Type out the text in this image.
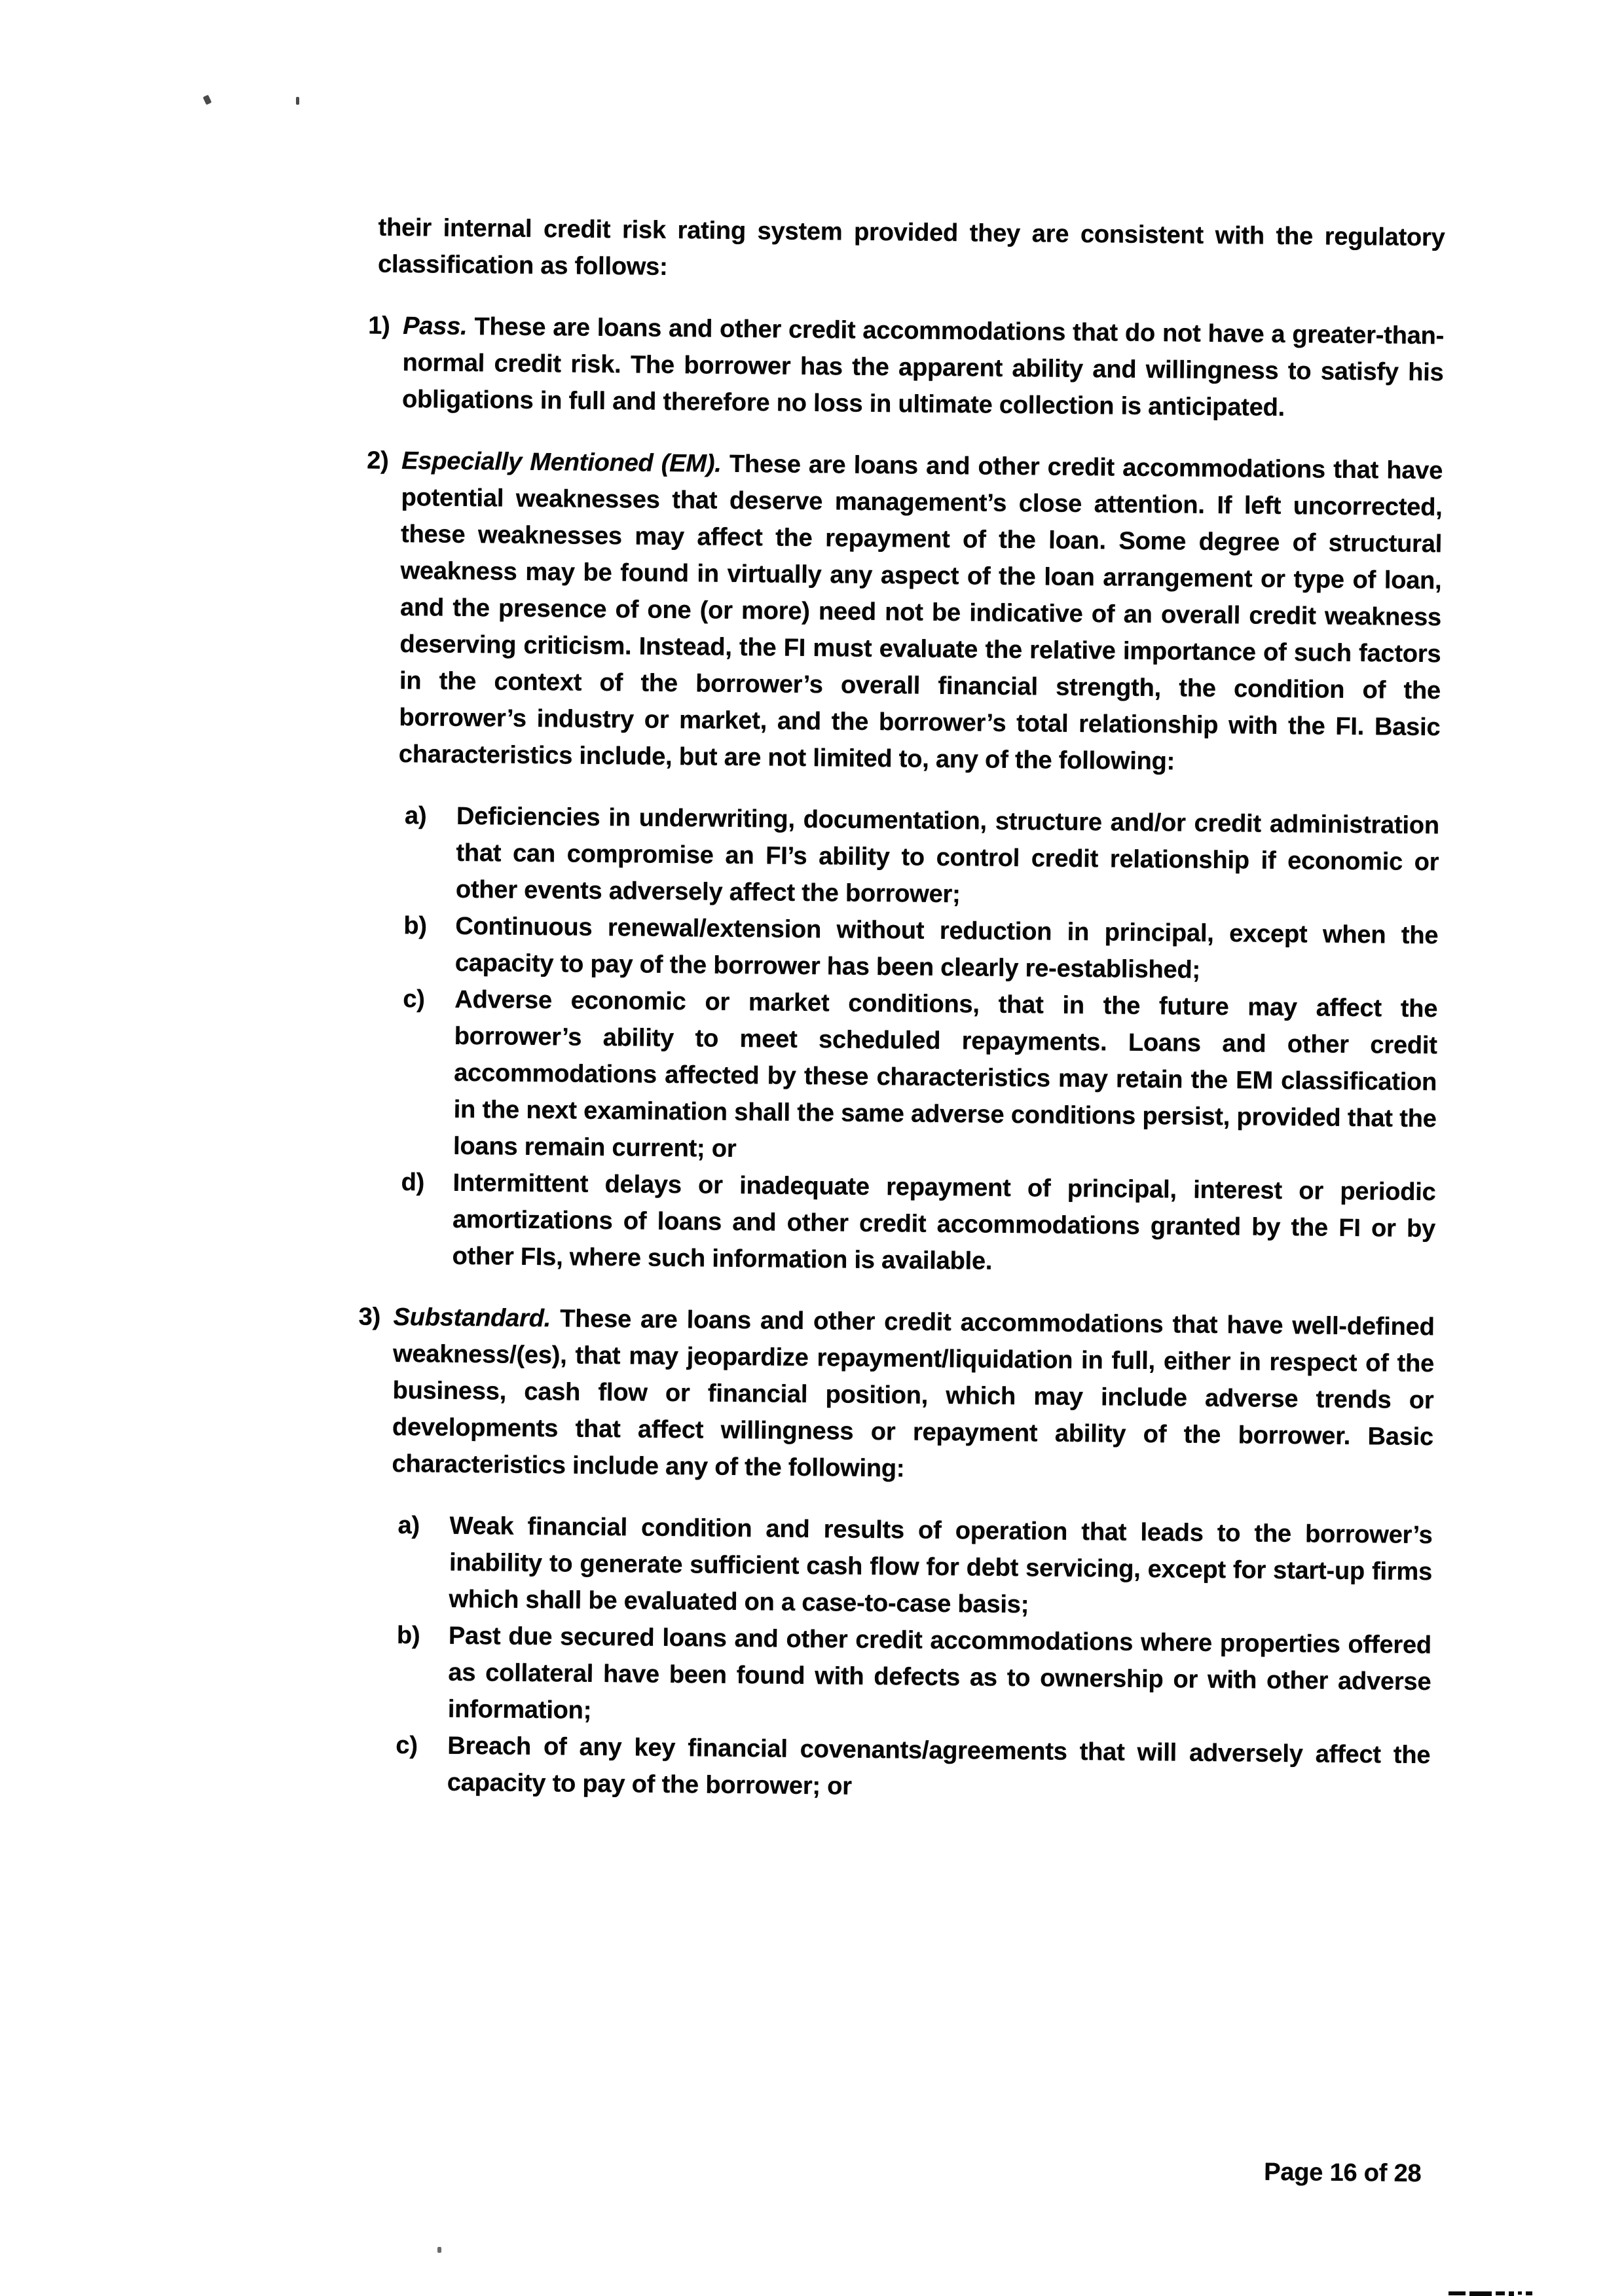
their internal credit risk rating system provided they are consistent with the regulatory classification as follows:

1) Pass. These are loans and other credit accommodations that do not have a greater-than-normal credit risk. The borrower has the apparent ability and willingness to satisfy his obligations in full and therefore no loss in ultimate collection is anticipated.
2) Especially Mentioned (EM). These are loans and other credit accommodations that have potential weaknesses that deserve management’s close attention. If left uncorrected, these weaknesses may affect the repayment of the loan. Some degree of structural weakness may be found in virtually any aspect of the loan arrangement or type of loan, and the presence of one (or more) need not be indicative of an overall credit weakness deserving criticism. Instead, the FI must evaluate the relative importance of such factors in the context of the borrower’s overall financial strength, the condition of the borrower’s industry or market, and the borrower’s total relationship with the FI. Basic characteristics include, but are not limited to, any of the following:
a)	Deficiencies in underwriting, documentation, structure and/or credit administration that can compromise an FI’s ability to control credit relationship if economic or other events adversely affect the borrower;
b)	Continuous renewal/extension without reduction in principal, except when the capacity to pay of the borrower has been clearly re-established;
c)	Adverse economic or market conditions, that in the future may affect the borrower’s ability to meet scheduled repayments. Loans and other credit accommodations affected by these characteristics may retain the EM classification in the next examination shall the same adverse conditions persist, provided that the loans remain current; or
d)	Intermittent delays or inadequate repayment of principal, interest or periodic amortizations of loans and other credit accommodations granted by the FI or by other FIs, where such information is available.
3) Substandard. These are loans and other credit accommodations that have well-defined weakness/(es), that may jeopardize repayment/liquidation in full, either in respect of the business, cash flow or financial position, which may include adverse trends or developments that affect willingness or repayment ability of the borrower. Basic characteristics include any of the following:
a)	Weak financial condition and results of operation that leads to the borrower’s inability to generate sufficient cash flow for debt servicing, except for start-up firms which shall be evaluated on a case-to-case basis;
b)	Past due secured loans and other credit accommodations where properties offered as collateral have been found with defects as to ownership or with other adverse information;
c)	Breach of any key financial covenants/agreements that will adversely affect the capacity to pay of the borrower; or
Page 16 of 28
